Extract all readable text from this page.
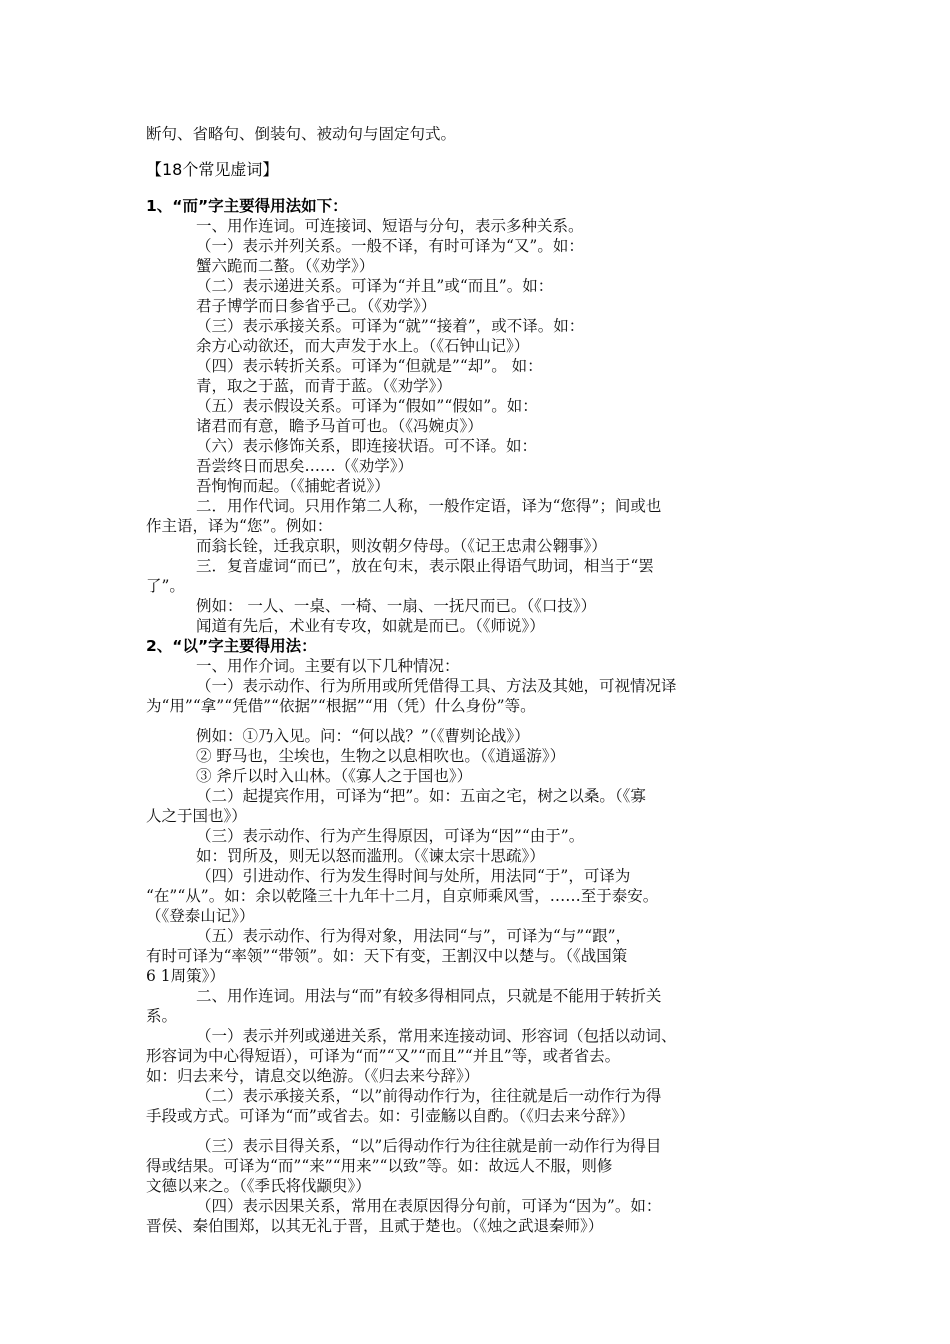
断句、省略句、倒装句、被动句与固定句式。
【18个常见虚词】
1、“而”字主要得用法如下：
一、用作连词。可连接词、短语与分句，表示多种关系。
（一）表示并列关系。一般不译，有时可译为“又”。如：
蟹六跪而二螯。（《劝学》）
（二）表示递进关系。可译为“并且”或“而且”。如：
君子博学而日参省乎己。（《劝学》）
（三）表示承接关系。可译为“就”“接着”，或不译。如：
余方心动欲还，而大声发于水上。（《石钟山记》）
（四）表示转折关系。可译为“但就是”“却”。 如：
青，取之于蓝，而青于蓝。（《劝学》）
（五）表示假设关系。可译为“假如”“假如”。如：
诸君而有意，瞻予马首可也。（《冯婉贞》）
（六）表示修饰关系，即连接状语。可不译。如：
吾尝终日而思矣……（《劝学》）
吾恂恂而起。（《捕蛇者说》）
二．用作代词。只用作第二人称，一般作定语，译为“您得”；间或也
作主语，译为“您”。例如：
而翁长铨，迁我京职，则汝朝夕侍母。（《记王忠肃公翱事》）
三．复音虚词“而已”，放在句末，表示限止得语气助词，相当于“罢
了”。
例如： 一人、一桌、一椅、一扇、一抚尺而已。（《口技》）
闻道有先后，术业有专攻，如就是而已。（《师说》）
2、“以”字主要得用法：
一、用作介词。主要有以下几种情况：
（一）表示动作、行为所用或所凭借得工具、方法及其她，可视情况译
为“用”“拿”“凭借”“依据”“根据”“用（凭）什么身份”等。
例如：①乃入见。问：“何以战？”（《曹刿论战》）
② 野马也，尘埃也，生物之以息相吹也。（《逍遥游》）
③ 斧斤以时入山林。（《寡人之于国也》）
（二）起提宾作用，可译为“把”。如：五亩之宅，树之以桑。（《寡
人之于国也》）
（三）表示动作、行为产生得原因，可译为“因”“由于”。
如：罚所及，则无以怒而滥刑。（《谏太宗十思疏》）
（四）引进动作、行为发生得时间与处所，用法同“于”，可译为
“在”“从”。如：余以乾隆三十九年十二月，自京师乘风雪，……至于泰安。
（《登泰山记》）
（五）表示动作、行为得对象，用法同“与”，可译为“与”“跟”，
有时可译为“率领”“带领”。如：天下有变，王割汉中以楚与。（《战国策
6 1周策》）
二、用作连词。用法与“而”有较多得相同点，只就是不能用于转折关
系。
（一）表示并列或递进关系，常用来连接动词、形容词（包括以动词、
形容词为中心得短语），可译为“而”“又”“而且”“并且”等，或者省去。
如：归去来兮，请息交以绝游。（《归去来兮辞》）
（二）表示承接关系，“以”前得动作行为，往往就是后一动作行为得
手段或方式。可译为“而”或省去。如：引壶觞以自酌。（《归去来兮辞》）
（三）表示目得关系，“以”后得动作行为往往就是前一动作行为得目
得或结果。可译为“而”“来”“用来”“以致”等。如：故远人不服，则修
文德以来之。（《季氏将伐颛臾》）
（四）表示因果关系，常用在表原因得分句前，可译为“因为”。如：
晋侯、秦伯围郑，以其无礼于晋，且贰于楚也。（《烛之武退秦师》）
